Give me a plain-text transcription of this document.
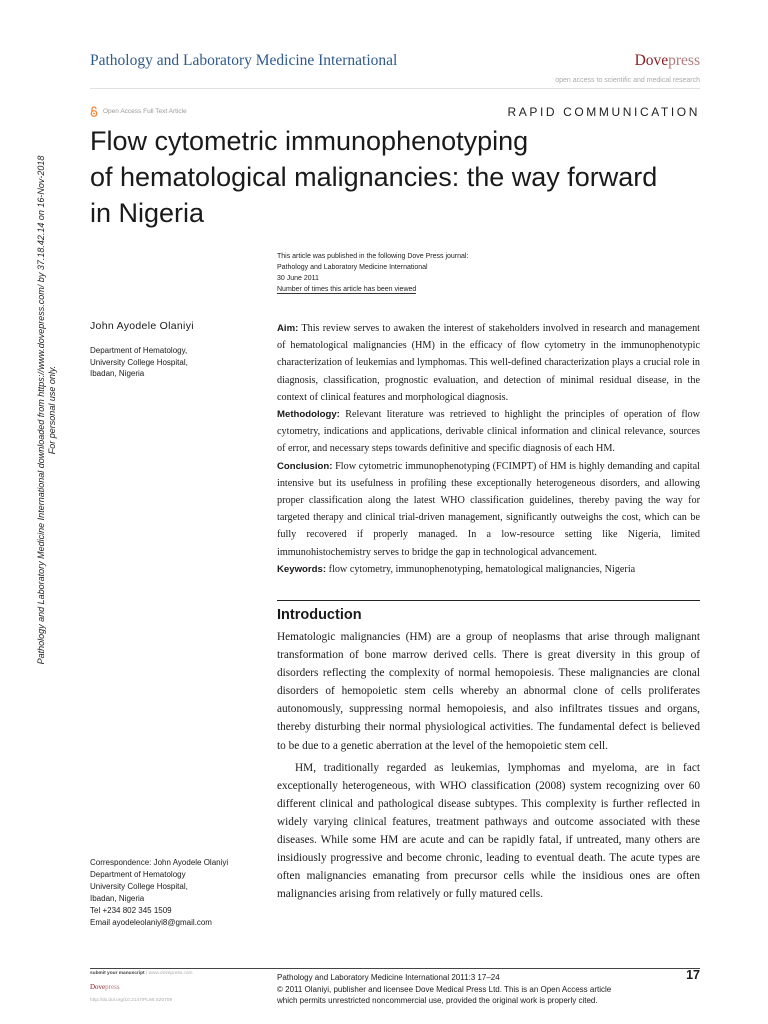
Pathology and Laboratory Medicine International	Dovepress
open access to scientific and medical research
Open Access Full Text Article	RAPID COMMUNICATION
Flow cytometric immunophenotyping
of hematological malignancies: the way forward
in Nigeria
This article was published in the following Dove Press journal:
Pathology and Laboratory Medicine International
30 June 2011
Number of times this article has been viewed
John Ayodele Olaniyi
Department of Hematology,
University College Hospital,
Ibadan, Nigeria

Aim: This review serves to awaken the interest of stakeholders involved in research and management of hematological malignancies (HM) in the efficacy of flow cytometry in the immunophenotypic characterization of leukemias and lymphomas. This well-defined characterization plays a crucial role in diagnosis, classification, prognostic evaluation, and detection of minimal residual disease, in the context of clinical features and morphological diagnosis.

Methodology: Relevant literature was retrieved to highlight the principles of operation of flow cytometry, indications and applications, derivable clinical information and clinical relevance, sources of error, and necessary steps towards definitive and specific diagnosis of each HM.

Conclusion: Flow cytometric immunophenotyping (FCIMPT) of HM is highly demanding and capital intensive but its usefulness in profiling these exceptionally heterogeneous disorders, and allowing proper classification along the latest WHO classification guidelines, thereby paving the way for targeted therapy and clinical trial-driven management, significantly outweighs the cost, which can be fully recovered if properly managed. In a low-resource setting like Nigeria, limited immunohistochemistry serves to bridge the gap in technological advancement.

Keywords: flow cytometry, immunophenotyping, hematological malignancies, Nigeria

Introduction

Hematologic malignancies (HM) are a group of neoplasms that arise through malignant transformation of bone marrow derived cells. There is great diversity in this group of disorders reflecting the complexity of normal hemopoiesis. These malignancies are clonal disorders of hemopoietic stem cells whereby an abnormal clone of cells proliferates autonomously, suppressing normal hemopoiesis, and also infiltrates tissues and organs, thereby disturbing their normal physiological activities. The fundamental defect is believed to be due to a genetic aberration at the level of the hemopoietic stem cell.

HM, traditionally regarded as leukemias, lymphomas and myeloma, are in fact exceptionally heterogeneous, with WHO classification (2008) system recognizing over 60 different clinical and pathological disease subtypes. This complexity is further reflected in widely varying clinical features, treatment pathways and outcome associated with these diseases. While some HM are acute and can be rapidly fatal, if untreated, many others are insidiously progressive and become chronic, leading to eventual death. The acute types are often malignancies emanating from precursor cells while the insidious ones are often malignancies arising from relatively or fully matured cells.

Correspondence: John Ayodele Olaniyi
Department of Hematology
University College Hospital,
Ibadan, Nigeria
Tel +234 802 345 1509
Email ayodeleolaniyi8@gmail.com
submit your manuscript | www.dovepress.com
Dovepress
http://dx.doi.org/10.2147/PLMI.S20709
Pathology and Laboratory Medicine International 2011:3 17–24
© 2011 Olaniyi, publisher and licensee Dove Medical Press Ltd. This is an Open Access article
which permits unrestricted noncommercial use, provided the original work is properly cited.
17
Pathology and Laboratory Medicine International downloaded from https://www.dovepress.com/ by 37.18.42.14 on 16-Nov-2018 For personal use only.
